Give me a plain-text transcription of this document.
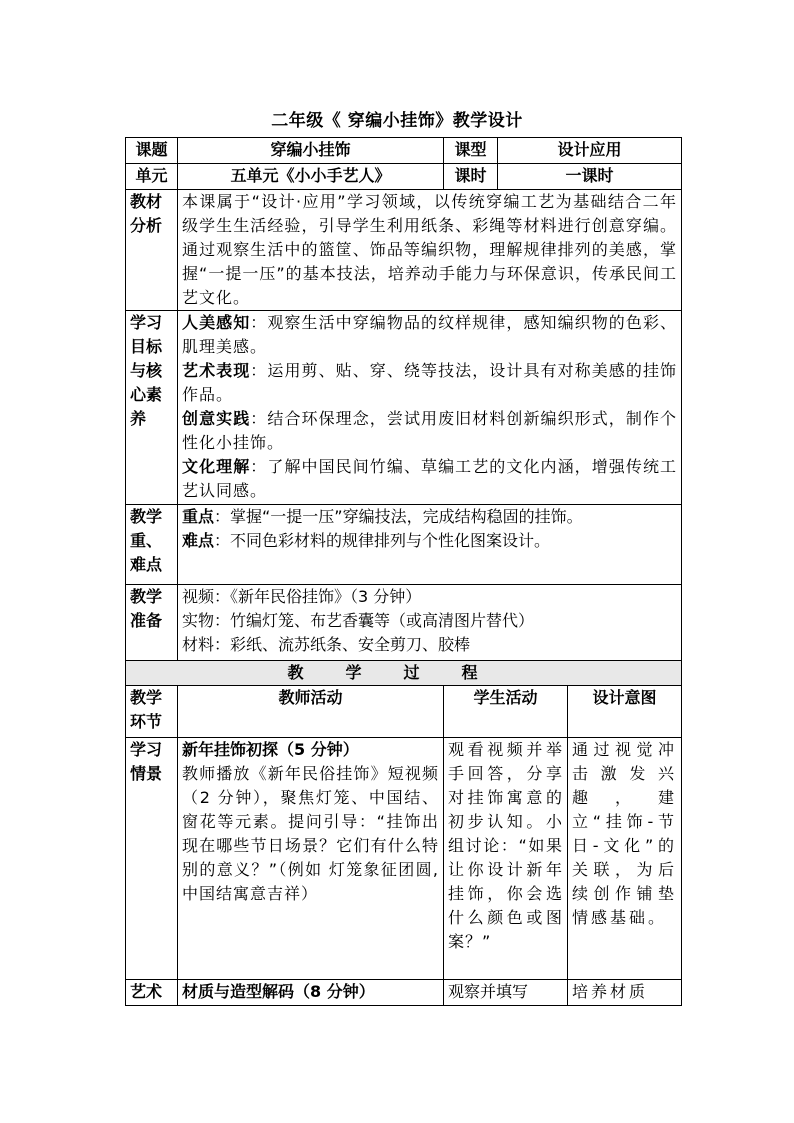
二年级《 穿编小挂饰》教学设计
课题	穿编小挂饰	课型	设计应用	
单元	五单元《小小手艺人》	课时	一课时	

教材
分析	本课属于“设计·应用”学习领域，以传统穿编工艺为基础结合二年级学生生活经验，引导学生利用纸条、彩绳等材料进行创意穿编。通过观察生活中的篮筐、饰品等编织物，理解规律排列的美感，掌握“一提一压”的基本技法，培养动手能力与环保意识，传承民间工艺文化。			

学习
目标
与核
心素
养	人美感知：观察生活中穿编物品的纹样规律，感知编织物的色彩、肌理美感。
艺术表现：运用剪、贴、穿、绕等技法，设计具有对称美感的挂饰作品。
创意实践：结合环保理念，尝试用废旧材料创新编织形式，制作个性化小挂饰。
文化理解：了解中国民间竹编、草编工艺的文化内涵，增强传统工艺认同感。			

教学
重、
难点	重点：掌握“一提一压”穿编技法，完成结构稳固的挂饰。
难点：不同色彩材料的规律排列与个性化图案设计。			

教学
准备	视频：《新年民俗挂饰》（3 分钟）
实物：竹编灯笼、布艺香囊等（或高清图片替代）
材料：彩纸、流苏纸条、安全剪刀、胶棒			

教学过程				

教学
环节	教师活动	学生活动		设计意图

学习
情景	新年挂饰初探（5 分钟）
教师播放《新年民俗挂饰》短视频（2 分钟），聚焦灯笼、中国结、窗花等元素。提问引导：“挂饰出现在哪些节日场景？它们有什么特别的意义？”（例如 灯笼象征团圆,中国结寓意吉祥）	观看视频并举手回答，分享对挂饰寓意的初步认知。小组讨论：“如果让你设计新年挂饰，你会选什么颜色或图案？”		通过视觉冲击激发兴趣，建立“挂饰-节日-文化”的关联，为后续创作铺垫情感基础。

艺术	材质与造型解码（8 分钟）	观察并填写		培养材质
